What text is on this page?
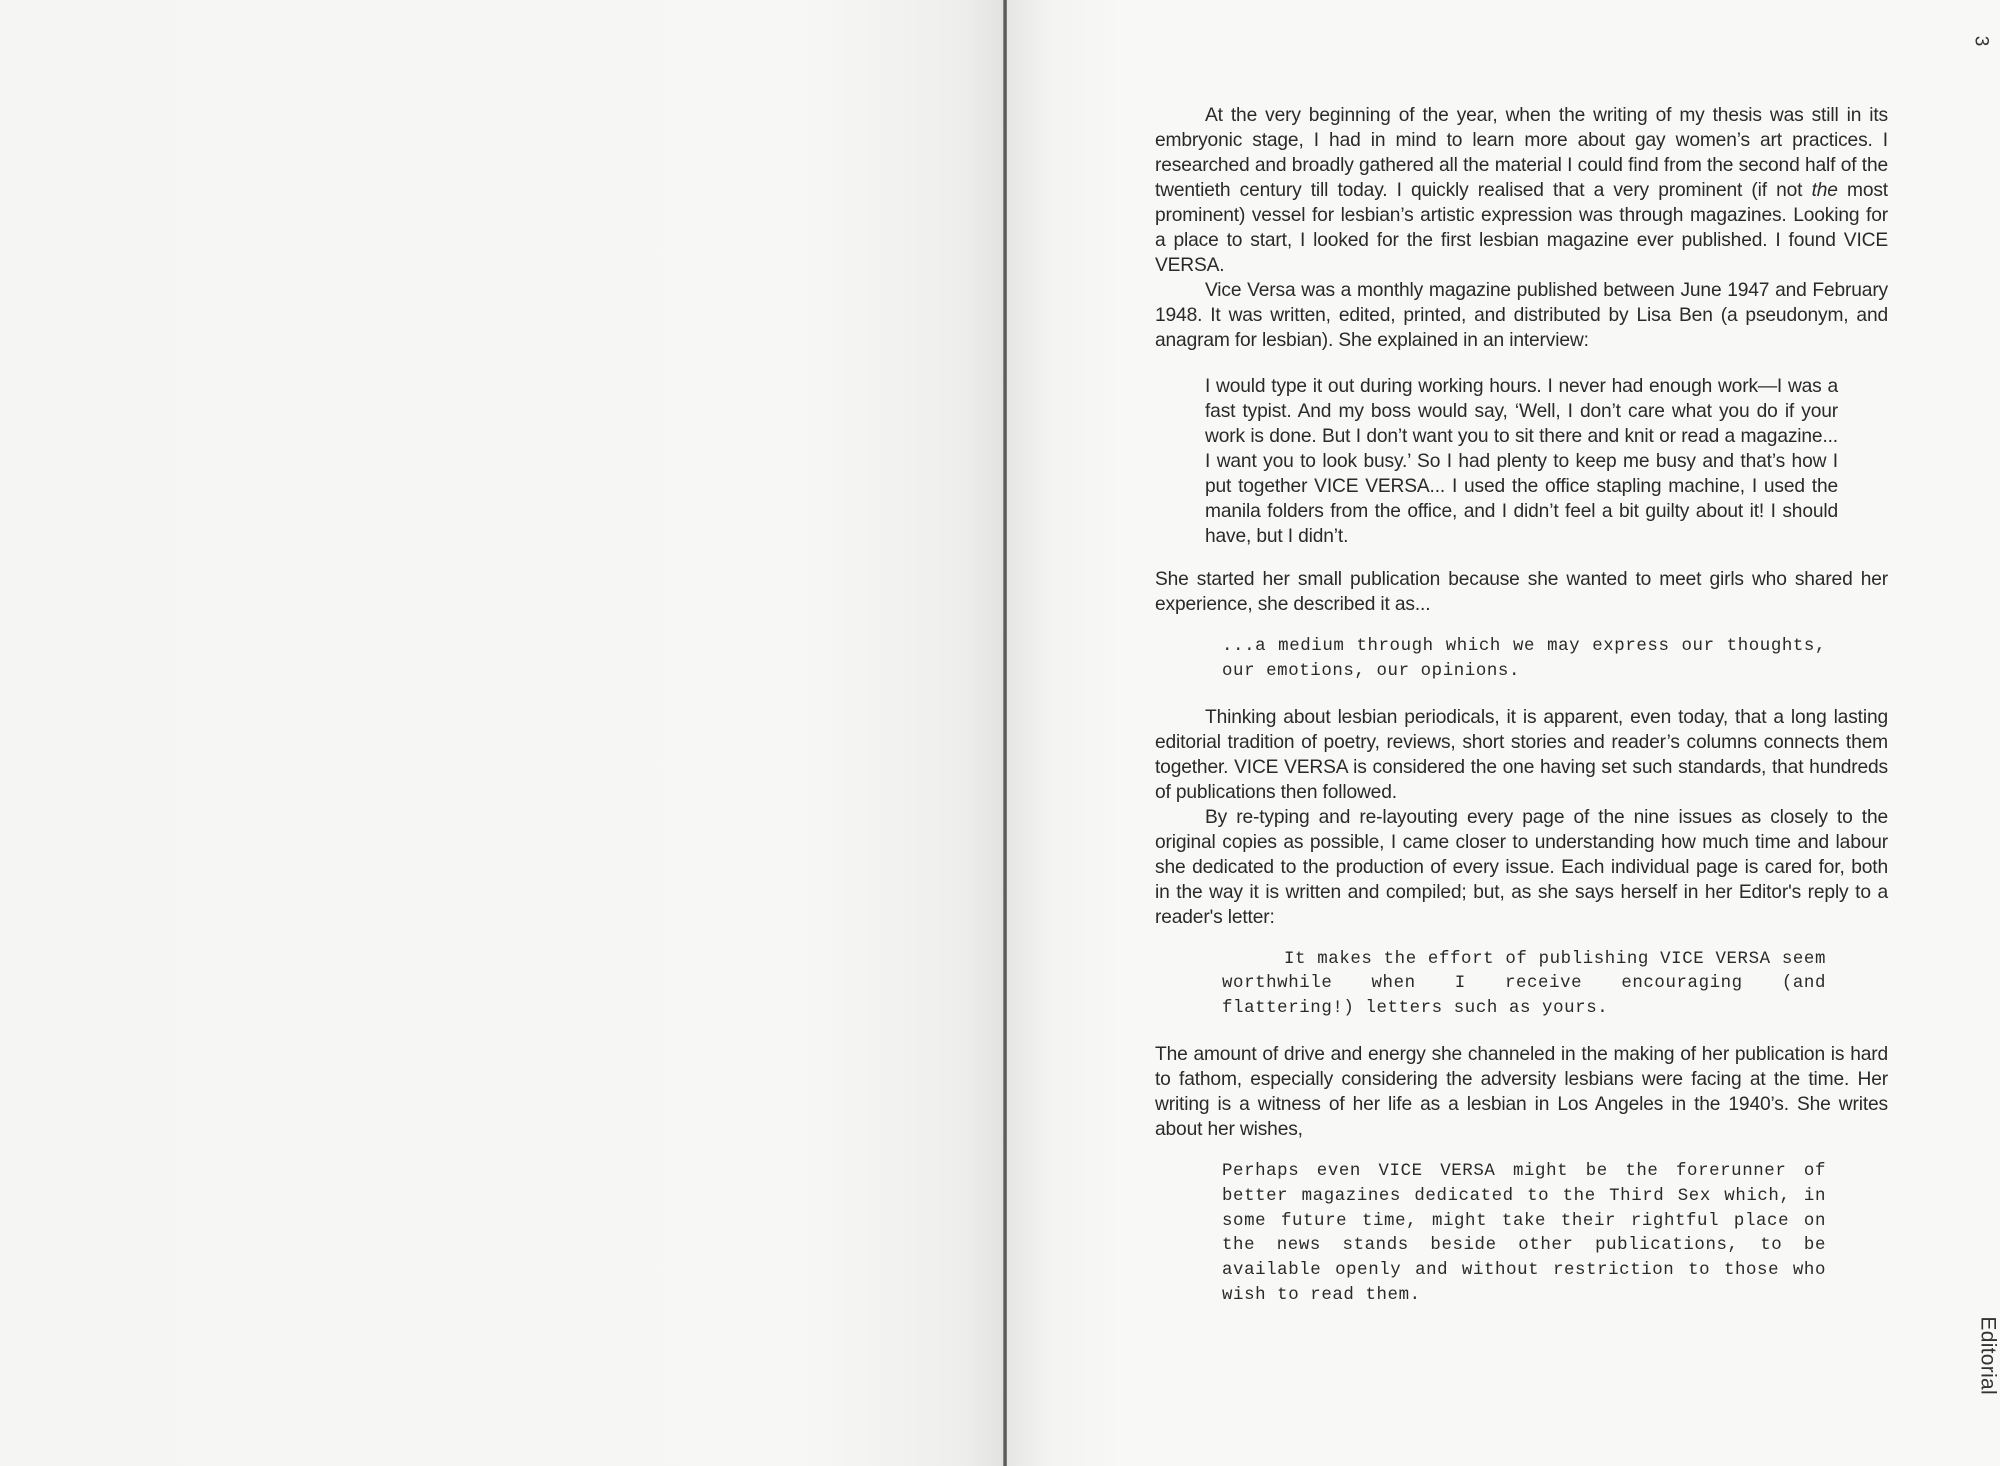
3
Editorial

At the very beginning of the year, when the writing of my thesis was still in its embryonic stage, I had in mind to learn more about gay women’s art practices. I researched and broadly gathered all the material I could find from the second half of the twentieth century till today. I quickly realised that a very prominent (if not the most prominent) vessel for lesbian’s artistic expression was through magazines. Looking for a place to start, I looked for the first lesbian magazine ever published. I found VICE VERSA.

Vice Versa was a monthly magazine published between June 1947 and February 1948. It was written, edited, printed, and distributed by Lisa Ben (a pseudonym, and anagram for lesbian). She explained in an interview:

I would type it out during working hours. I never had enough work—I was a fast typist. And my boss would say, ‘Well, I don’t care what you do if your work is done. But I don’t want you to sit there and knit or read a magazine... I want you to look busy.’ So I had plenty to keep me busy and that’s how I put together VICE VERSA... I used the office stapling machine, I used the manila folders from the office, and I didn’t feel a bit guilty about it! I should have, but I didn’t.

She started her small publication because she wanted to meet girls who shared her experience, she described it as...

...a medium through which we may express our thoughts, our emotions, our opinions.

Thinking about lesbian periodicals, it is apparent, even today, that a long lasting editorial tradition of poetry, reviews, short stories and reader’s columns connects them together. VICE VERSA is considered the one having set such standards, that hundreds of publications then followed.

By re-typing and re-layouting every page of the nine issues as closely to the original copies as possible, I came closer to understanding how much time and labour she dedicated to the production of every issue. Each individual page is cared for, both in the way it is written and compiled; but, as she says herself in her Editor's reply to a reader's letter:

It makes the effort of publishing VICE VERSA seem worthwhile when I receive encouraging (and flattering!) letters such as yours.

The amount of drive and energy she channeled in the making of her publication is hard to fathom, especially considering the adversity lesbians were facing at the time. Her writing is a witness of her life as a lesbian in Los Angeles in the 1940’s. She writes about her wishes,

Perhaps even VICE VERSA might be the forerunner of better magazines dedicated to the Third Sex which, in some future time, might take their rightful place on the news stands beside other publications, to be available openly and without restriction to those who wish to read them.
